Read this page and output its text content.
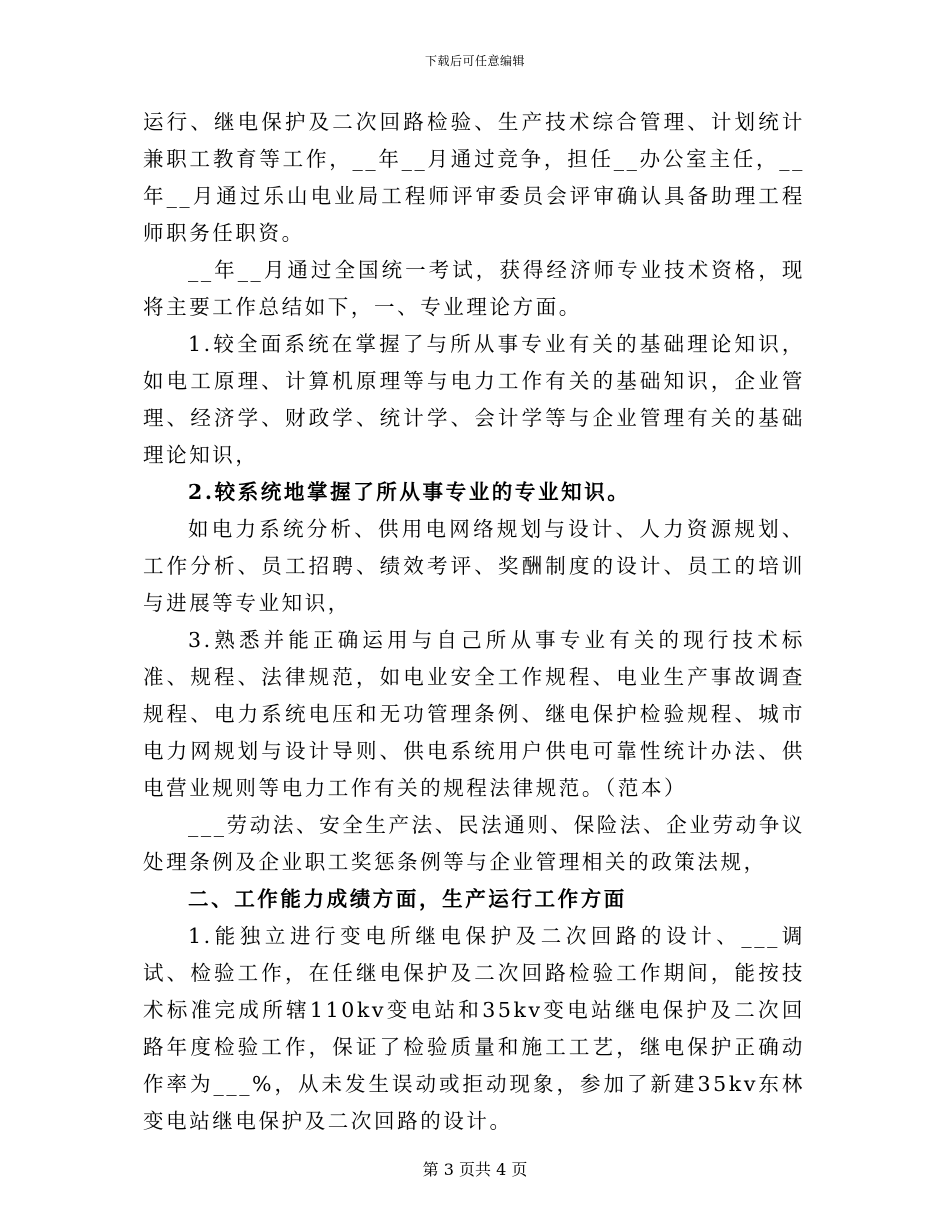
下载后可任意编辑

运行、继电保护及二次回路检验、生产技术综合管理、计划统计兼职工教育等工作，__年__月通过竞争，担任__办公室主任，__年__月通过乐山电业局工程师评审委员会评审确认具备助理工程师职务任职资。

__年__月通过全国统一考试，获得经济师专业技术资格，现将主要工作总结如下，一、专业理论方面。

1.较全面系统在掌握了与所从事专业有关的基础理论知识，如电工原理、计算机原理等与电力工作有关的基础知识，企业管理、经济学、财政学、统计学、会计学等与企业管理有关的基础理论知识，

2.较系统地掌握了所从事专业的专业知识。

如电力系统分析、供用电网络规划与设计、人力资源规划、工作分析、员工招聘、绩效考评、奖酬制度的设计、员工的培训与进展等专业知识，

3.熟悉并能正确运用与自己所从事专业有关的现行技术标准、规程、法律规范，如电业安全工作规程、电业生产事故调查规程、电力系统电压和无功管理条例、继电保护检验规程、城市电力网规划与设计导则、供电系统用户供电可靠性统计办法、供电营业规则等电力工作有关的规程法律规范。（范本）

___劳动法、安全生产法、民法通则、保险法、企业劳动争议处理条例及企业职工奖惩条例等与企业管理相关的政策法规，

二、工作能力成绩方面，生产运行工作方面

1.能独立进行变电所继电保护及二次回路的设计、___调试、检验工作，在任继电保护及二次回路检验工作期间，能按技术标准完成所辖110kv变电站和35kv变电站继电保护及二次回路年度检验工作，保证了检验质量和施工工艺，继电保护正确动作率为___%，从未发生误动或拒动现象，参加了新建35kv东林变电站继电保护及二次回路的设计。

第 3 页共 4 页
